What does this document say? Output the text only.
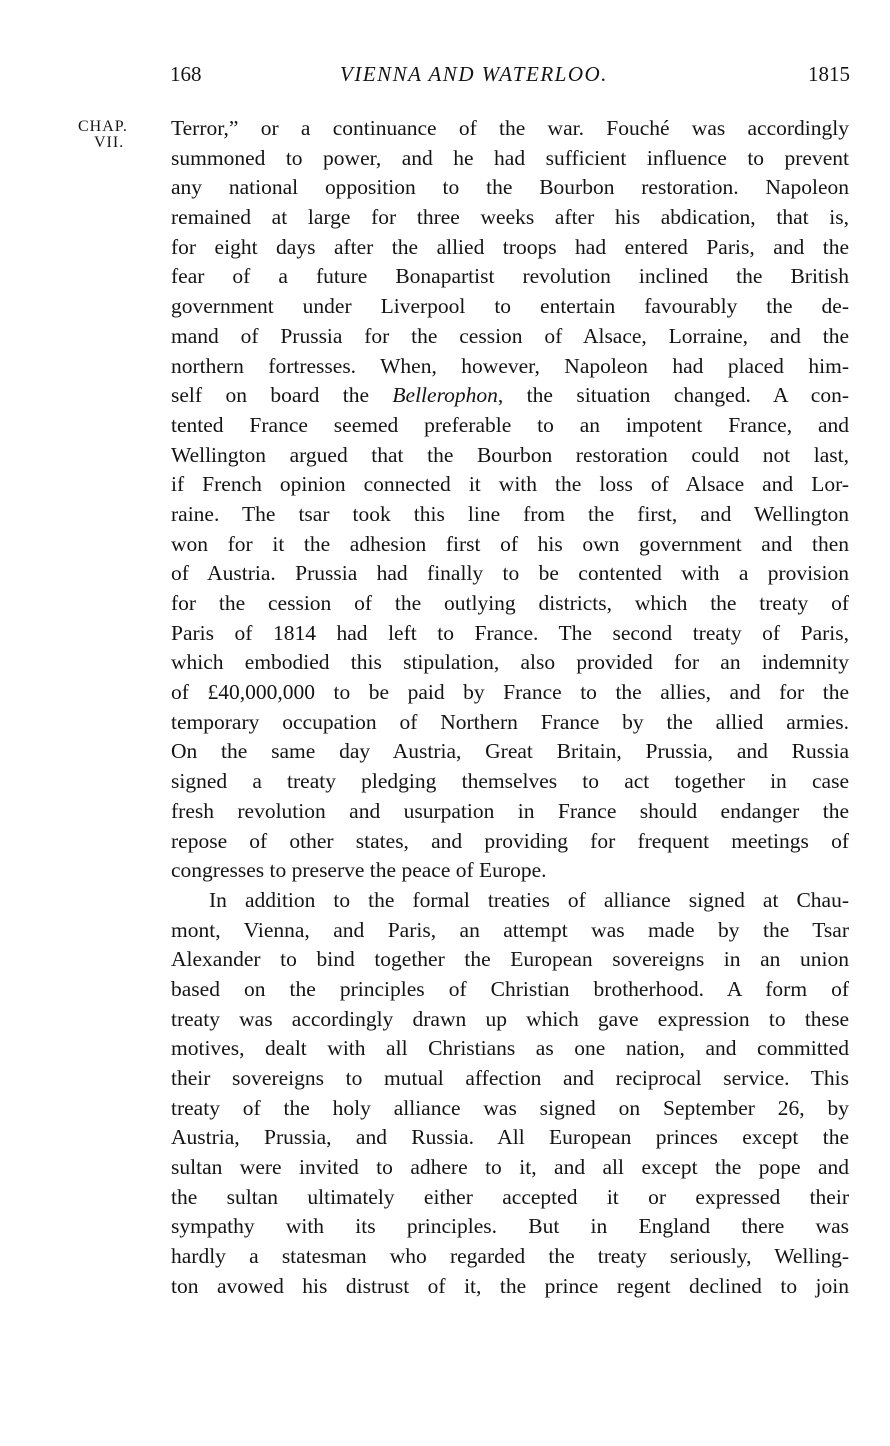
168	VIENNA AND WATERLOO.	1815
CHAP.
VII.
Terror,” or a continuance of the war. Fouché was accordingly
summoned to power, and he had sufficient influence to prevent
any national opposition to the Bourbon restoration. Napoleon
remained at large for three weeks after his abdication, that is,
for eight days after the allied troops had entered Paris, and the
fear of a future Bonapartist revolution inclined the British
government under Liverpool to entertain favourably the de-
mand of Prussia for the cession of Alsace, Lorraine, and the
northern fortresses. When, however, Napoleon had placed him-
self on board the Bellerophon, the situation changed. A con-
tented France seemed preferable to an impotent France, and
Wellington argued that the Bourbon restoration could not last,
if French opinion connected it with the loss of Alsace and Lor-
raine. The tsar took this line from the first, and Wellington
won for it the adhesion first of his own government and then
of Austria. Prussia had finally to be contented with a provision
for the cession of the outlying districts, which the treaty of
Paris of 1814 had left to France. The second treaty of Paris,
which embodied this stipulation, also provided for an indemnity
of £40,000,000 to be paid by France to the allies, and for the
temporary occupation of Northern France by the allied armies.
On the same day Austria, Great Britain, Prussia, and Russia
signed a treaty pledging themselves to act together in case
fresh revolution and usurpation in France should endanger the
repose of other states, and providing for frequent meetings of
congresses to preserve the peace of Europe.
In addition to the formal treaties of alliance signed at Chau-
mont, Vienna, and Paris, an attempt was made by the Tsar
Alexander to bind together the European sovereigns in an union
based on the principles of Christian brotherhood. A form of
treaty was accordingly drawn up which gave expression to these
motives, dealt with all Christians as one nation, and committed
their sovereigns to mutual affection and reciprocal service. This
treaty of the holy alliance was signed on September 26, by
Austria, Prussia, and Russia. All European princes except the
sultan were invited to adhere to it, and all except the pope and
the sultan ultimately either accepted it or expressed their
sympathy with its principles. But in England there was
hardly a statesman who regarded the treaty seriously, Welling-
ton avowed his distrust of it, the prince regent declined to join
